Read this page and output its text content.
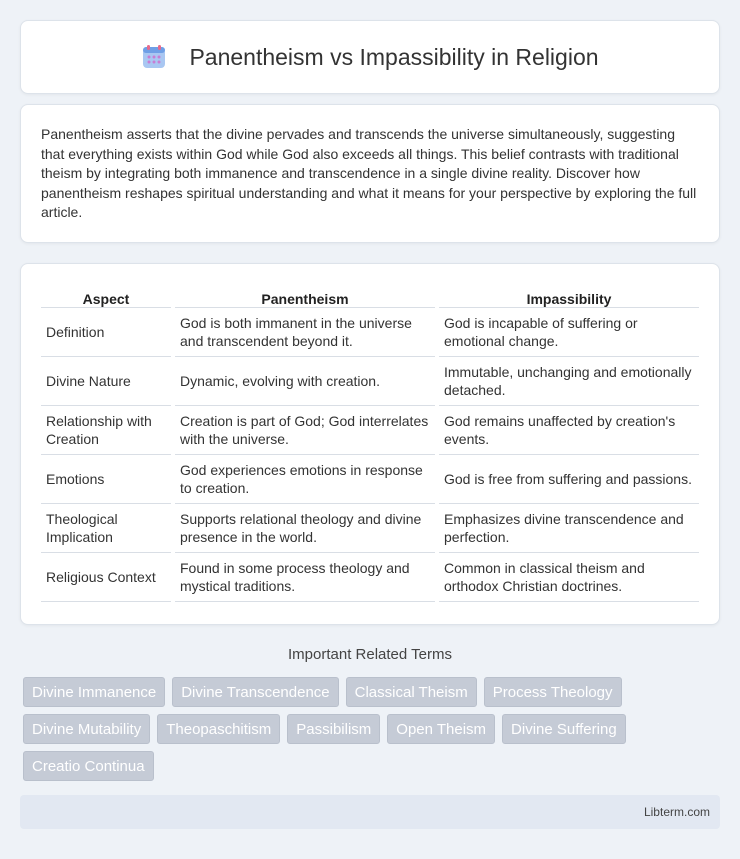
Panentheism vs Impassibility in Religion

Panentheism asserts that the divine pervades and transcends the universe simultaneously, suggesting that everything exists within God while God also exceeds all things. This belief contrasts with traditional theism by integrating both immanence and transcendence in a single divine reality. Discover how panentheism reshapes spiritual understanding and what it means for your perspective by exploring the full article.

Aspect	Panentheism	Impassibility
Definition	God is both immanent in the universe and transcendent beyond it.	God is incapable of suffering or emotional change.
Divine Nature	Dynamic, evolving with creation.	Immutable, unchanging and emotionally detached.
Relationship with Creation	Creation is part of God; God interrelates with the universe.	God remains unaffected by creation's events.
Emotions	God experiences emotions in response to creation.	God is free from suffering and passions.
Theological Implication	Supports relational theology and divine presence in the world.	Emphasizes divine transcendence and perfection.
Religious Context	Found in some process theology and mystical traditions.	Common in classical theism and orthodox Christian doctrines.
Important Related Terms
Divine Immanence	Divine Transcendence	Classical Theism	Process Theology
Divine Mutability	Theopaschitism	Passibilism	Open Theism	Divine Suffering
Creatio Continua
Libterm.com
